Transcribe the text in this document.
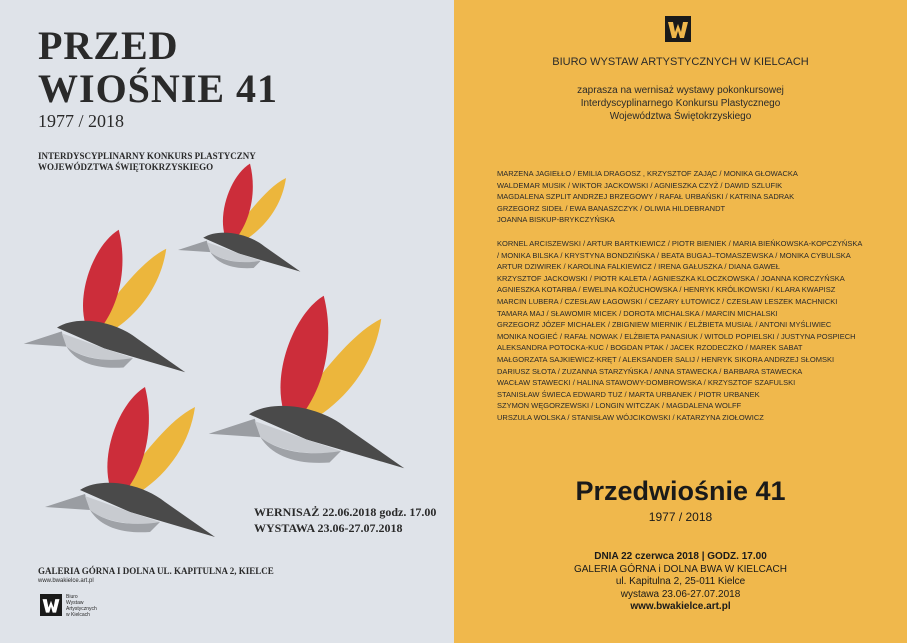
PRZED
WIOŚNIE 41
1977 / 2018
INTERDYSCYPLINARNY KONKURS PLASTYCZNY
WOJEWÓDZTWA ŚWIĘTOKRZYSKIEGO
WERNISAŻ 22.06.2018 godz. 17.00
WYSTAWA 23.06-27.07.2018
GALERIA GÓRNA I DOLNA UL. KAPITULNA 2, KIELCE
www.bwakielce.art.pl
Biuro
Wystaw
Artystycznych
w Kielcach
BIURO WYSTAW ARTYSTYCZNYCH W KIELCACH
zaprasza na wernisaż wystawy pokonkursowej
Interdyscyplinarnego Konkursu Plastycznego
Województwa Świętokrzyskiego
MARZENA JAGIEŁŁO / EMILIA DRAGOSZ , KRZYSZTOF ZAJĄC / MONIKA GŁOWACKA
WALDEMAR MUSIK / WIKTOR JACKOWSKI / AGNIESZKA CZYŻ / DAWID SZLUFIK
MAGDALENA SZPLIT ANDRZEJ BRZEGOWY / RAFAŁ URBAŃSKI / KATRINA SADRAK
GRZEGORZ SIDEŁ / EWA BANASZCZYK / OLIWIA HILDEBRANDT
JOANNA BISKUP-BRYKCZYŃSKA
KORNEL ARCISZEWSKI / ARTUR BARTKIEWICZ / PIOTR BIENIEK / MARIA BIEŃKOWSKA-KOPCZYŃSKA
/ MONIKA BILSKA / KRYSTYNA BONDZIŃSKA / BEATA BUGAJ–TOMASZEWSKA / MONIKA CYBULSKA
ARTUR DZIWIREK / KAROLINA FALKIEWICZ / IRENA GAŁUSZKA / DIANA GAWEŁ
KRZYSZTOF JACKOWSKI / PIOTR KALETA / AGNIESZKA KLOCZKOWSKA / JOANNA KORCZYŃSKA
AGNIESZKA KOTARBA / EWELINA KOŻUCHOWSKA / HENRYK KRÓLIKOWSKI / KLARA KWAPISZ
MARCIN LUBERA / CZESŁAW ŁAGOWSKI / CEZARY ŁUTOWICZ / CZESŁAW LESZEK MACHNICKI
TAMARA MAJ / SŁAWOMIR MICEK / DOROTA MICHALSKA / MARCIN MICHALSKI
GRZEGORZ JÓZEF MICHAŁEK / ZBIGNIEW MIERNIK / ELŻBIETA MUSIAŁ / ANTONI MYŚLIWIEC
MONIKA NOGIEĆ / RAFAŁ NOWAK / ELŻBIETA PANASIUK / WITOLD POPIELSKI / JUSTYNA POSPIECH
ALEKSANDRA POTOCKA-KUC / BOGDAN PTAK / JACEK RZODECZKO / MAREK SABAT
MAŁGORZATA SAJKIEWICZ-KRĘT / ALEKSANDER SALIJ / HENRYK SIKORA ANDRZEJ SŁOMSKI
DARIUSZ SŁOTA / ZUZANNA STARZYŃSKA / ANNA STAWECKA / BARBARA STAWECKA
WACŁAW STAWECKI / HALINA STAWOWY-DOMBROWSKA / KRZYSZTOF SZAFULSKI
STANISŁAW ŚWIECA EDWARD TUZ / MARTA URBANEK / PIOTR URBANEK
SZYMON WĘGORZEWSKI / LONGIN WITCZAK / MAGDALENA WOLFF
URSZULA WOLSKA / STANISŁAW WÓJCIKOWSKI / KATARZYNA ZIOŁOWICZ
Przedwiośnie 41
1977 / 2018
DNIA 22 czerwca 2018 | GODZ. 17.00
GALERIA GÓRNA i DOLNA BWA W KIELCACH
ul. Kapitulna 2, 25-011 Kielce
wystawa 23.06-27.07.2018
www.bwakielce.art.pl
